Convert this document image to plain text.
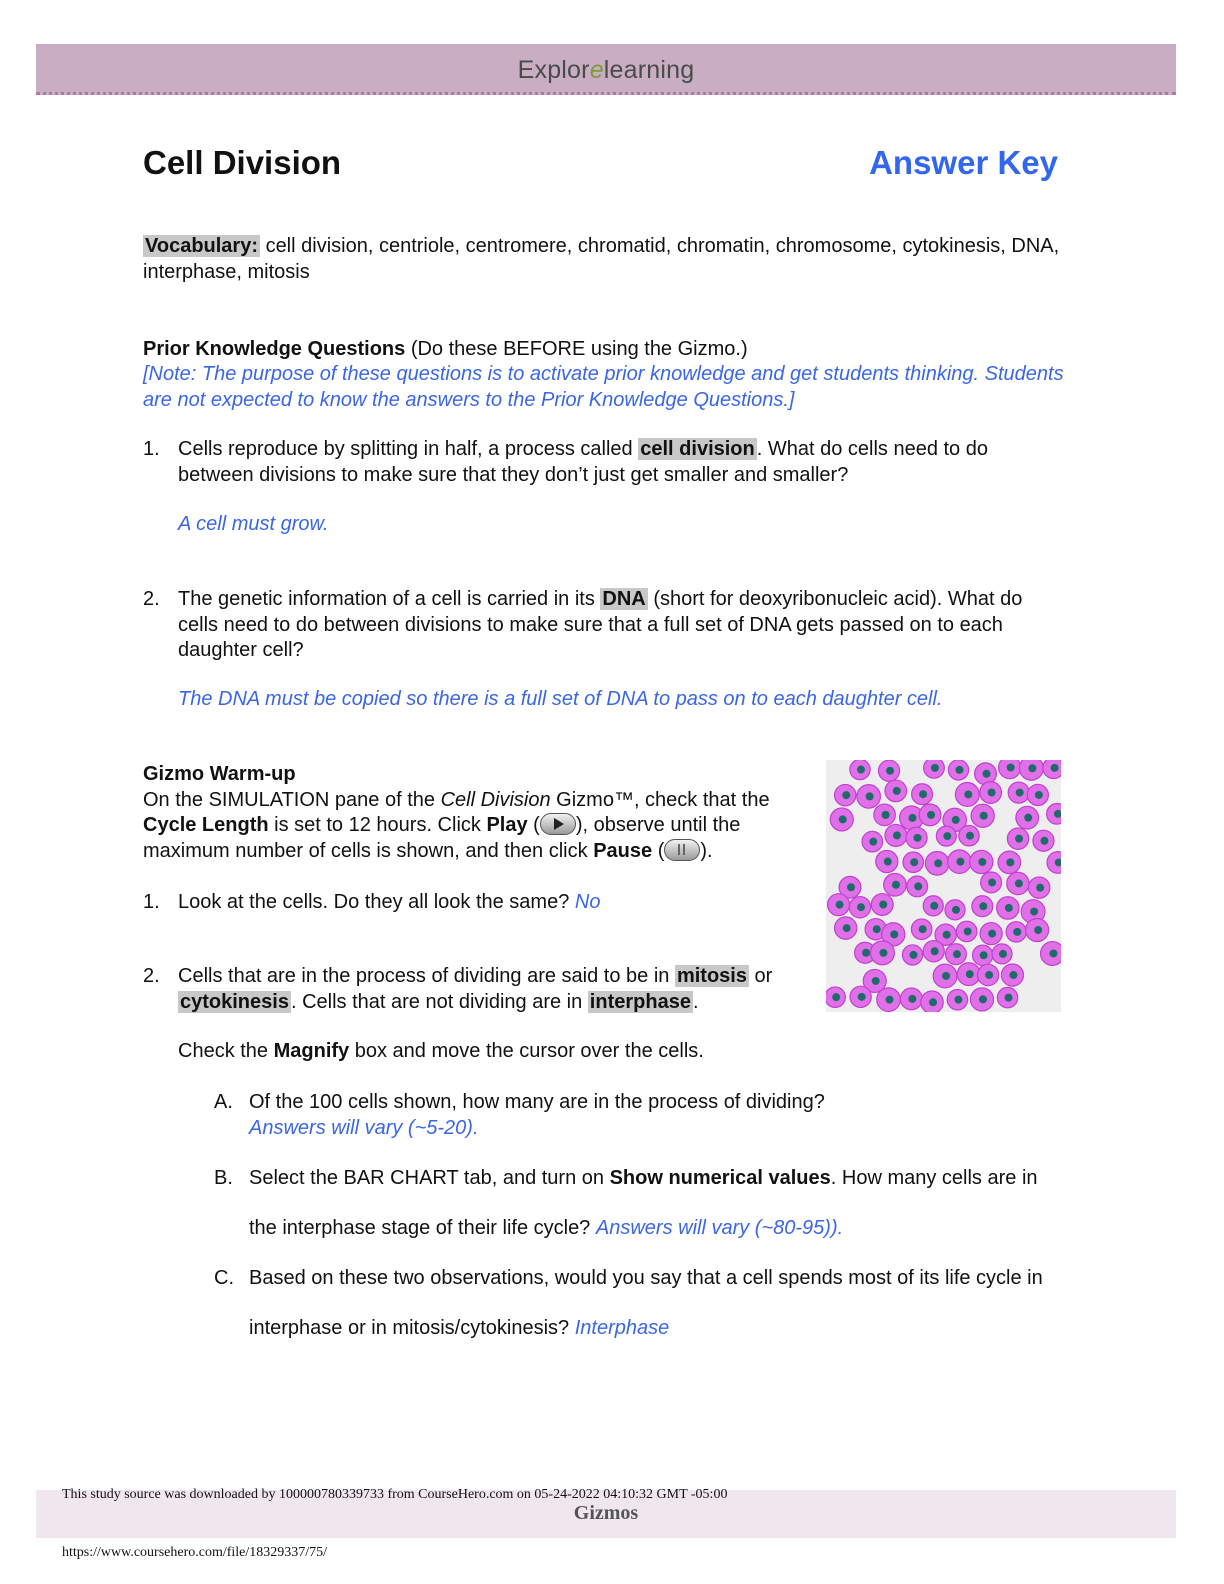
Explorelearning
Cell Division	Answer Key
Vocabulary: cell division, centriole, centromere, chromatid, chromatin, chromosome, cytokinesis, DNA, interphase, mitosis
Prior Knowledge Questions (Do these BEFORE using the Gizmo.)
[Note: The purpose of these questions is to activate prior knowledge and get students thinking. Students are not expected to know the answers to the Prior Knowledge Questions.]
1. Cells reproduce by splitting in half, a process called cell division . What do cells need to do between divisions to make sure that they don’t just get smaller and smaller?
A cell must grow.
2. The genetic information of a cell is carried in its DNA (short for deoxyribonucleic acid). What do cells need to do between divisions to make sure that a full set of DNA gets passed on to each daughter cell?
The DNA must be copied so there is a full set of DNA to pass on to each daughter cell.
Gizmo Warm-up
On the SIMULATION pane of the Cell Division Gizmo™, check that the Cycle Length is set to 12 hours. Click Play ( ), observe until the maximum number of cells is shown, and then click Pause ( ).
1. Look at the cells. Do they all look the same? No
2. Cells that are in the process of dividing are said to be in mitosis or cytokinesis . Cells that are not dividing are in interphase .
Check the Magnify box and move the cursor over the cells.
A. Of the 100 cells shown, how many are in the process of dividing?
Answers will vary (~5-20).
B. Select the BAR CHART tab, and turn on Show numerical values. How many cells are in the interphase stage of their life cycle? Answers will vary (~80-95)).
C. Based on these two observations, would you say that a cell spends most of its life cycle in interphase or in mitosis/cytokinesis? Interphase
Gizmos
This study source was downloaded by 100000780339733 from CourseHero.com on 05-24-2022 04:10:32 GMT -05:00
https://www.coursehero.com/file/18329337/75/
